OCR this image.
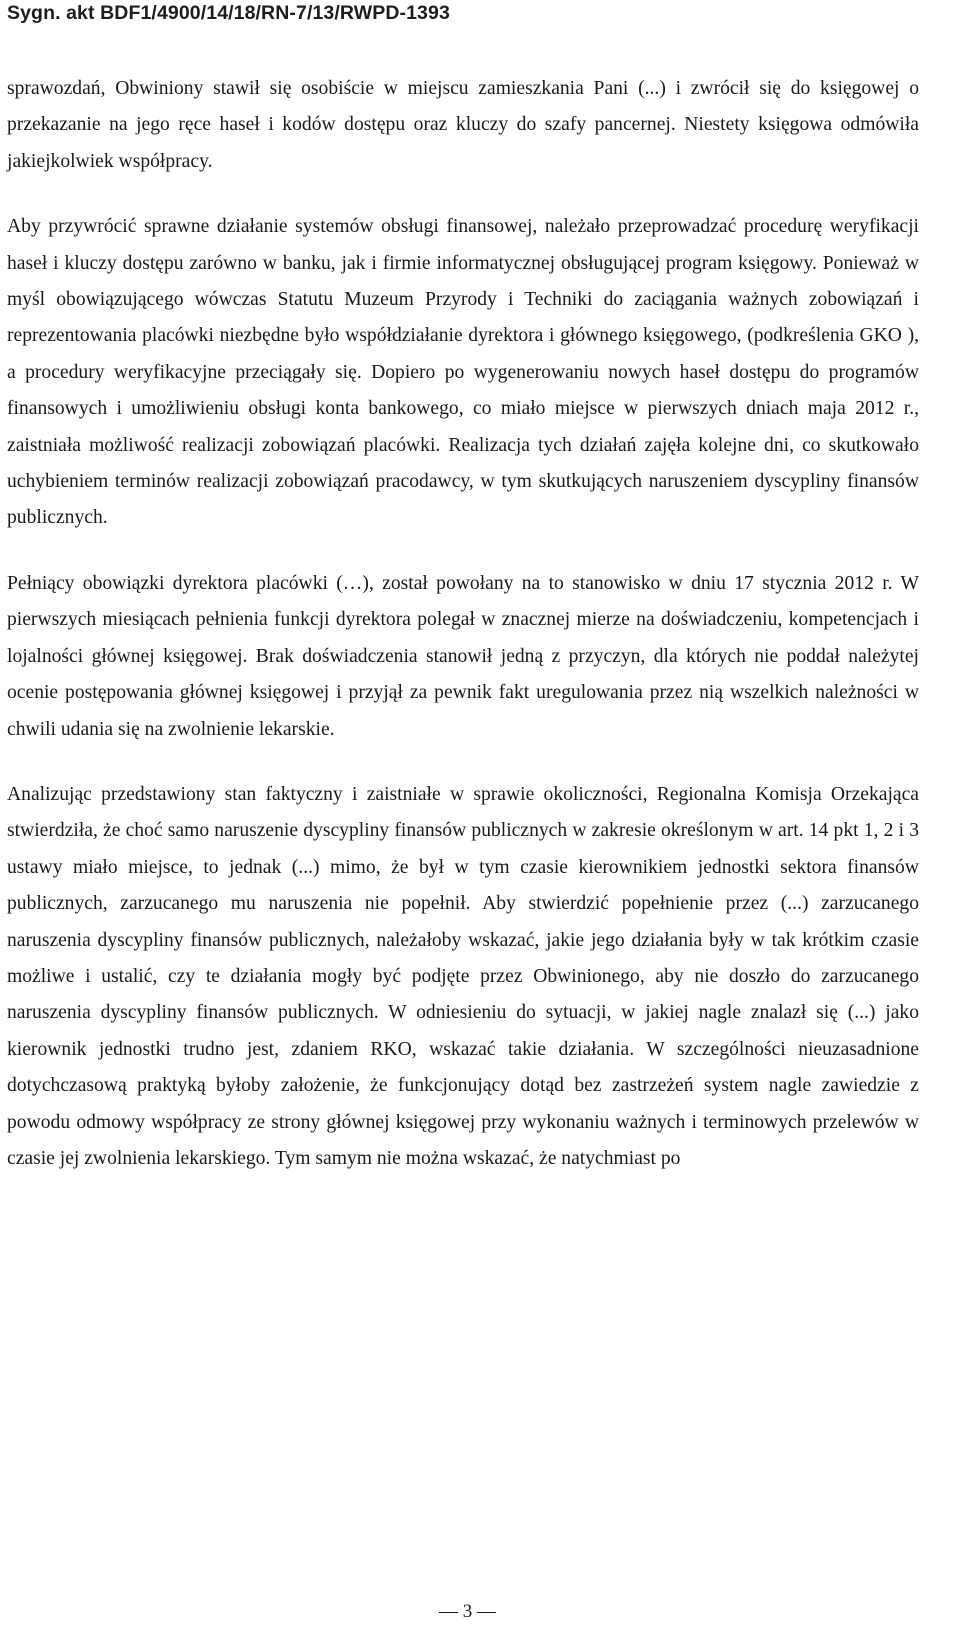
Sygn. akt BDF1/4900/14/18/RN-7/13/RWPD-1393

sprawozdań, Obwiniony stawił się osobiście w miejscu zamieszkania Pani (...) i zwrócił się do księgowej o przekazanie na jego ręce haseł i kodów dostępu oraz kluczy do szafy pancernej. Niestety księgowa odmówiła jakiejkolwiek współpracy.

Aby przywrócić sprawne działanie systemów obsługi finansowej, należało przeprowadzać procedurę weryfikacji haseł i kluczy dostępu zarówno w banku, jak i firmie informatycznej obsługującej program księgowy. Ponieważ w myśl obowiązującego wówczas Statutu Muzeum Przyrody i Techniki do zaciągania ważnych zobowiązań i reprezentowania placówki niezbędne było współdziałanie dyrektora i głównego księgowego, (podkreślenia GKO ), a procedury weryfikacyjne przeciągały się. Dopiero po wygenerowaniu nowych haseł dostępu do programów finansowych i umożliwieniu obsługi konta bankowego, co miało miejsce w pierwszych dniach maja 2012 r., zaistniała możliwość realizacji zobowiązań placówki. Realizacja tych działań zajęła kolejne dni, co skutkowało uchybieniem terminów realizacji zobowiązań pracodawcy, w tym skutkujących naruszeniem dyscypliny finansów publicznych.

Pełniący obowiązki dyrektora placówki (…), został powołany na to stanowisko w dniu 17 stycznia 2012 r. W pierwszych miesiącach pełnienia funkcji dyrektora polegał w znacznej mierze na doświadczeniu, kompetencjach i lojalności głównej księgowej. Brak doświadczenia stanowił jedną z przyczyn, dla których nie poddał należytej ocenie postępowania głównej księgowej i przyjął za pewnik fakt uregulowania przez nią wszelkich należności w chwili udania się na zwolnienie lekarskie.

Analizując przedstawiony stan faktyczny i zaistniałe w sprawie okoliczności, Regionalna Komisja Orzekająca stwierdziła, że choć samo naruszenie dyscypliny finansów publicznych w zakresie określonym w art. 14 pkt 1, 2 i 3 ustawy miało miejsce, to jednak (...) mimo, że był w tym czasie kierownikiem jednostki sektora finansów publicznych, zarzucanego mu naruszenia nie popełnił. Aby stwierdzić popełnienie przez (...) zarzucanego naruszenia dyscypliny finansów publicznych, należałoby wskazać, jakie jego działania były w tak krótkim czasie możliwe i ustalić, czy te działania mogły być podjęte przez Obwinionego, aby nie doszło do zarzucanego naruszenia dyscypliny finansów publicznych. W odniesieniu do sytuacji, w jakiej nagle znalazł się (...) jako kierownik jednostki trudno jest, zdaniem RKO, wskazać takie działania. W szczególności nieuzasadnione dotychczasową praktyką byłoby założenie, że funkcjonujący dotąd bez zastrzeżeń system nagle zawiedzie z powodu odmowy współpracy ze strony głównej księgowej przy wykonaniu ważnych i terminowych przelewów w czasie jej zwolnienia lekarskiego. Tym samym nie można wskazać, że natychmiast po

— 3 —
